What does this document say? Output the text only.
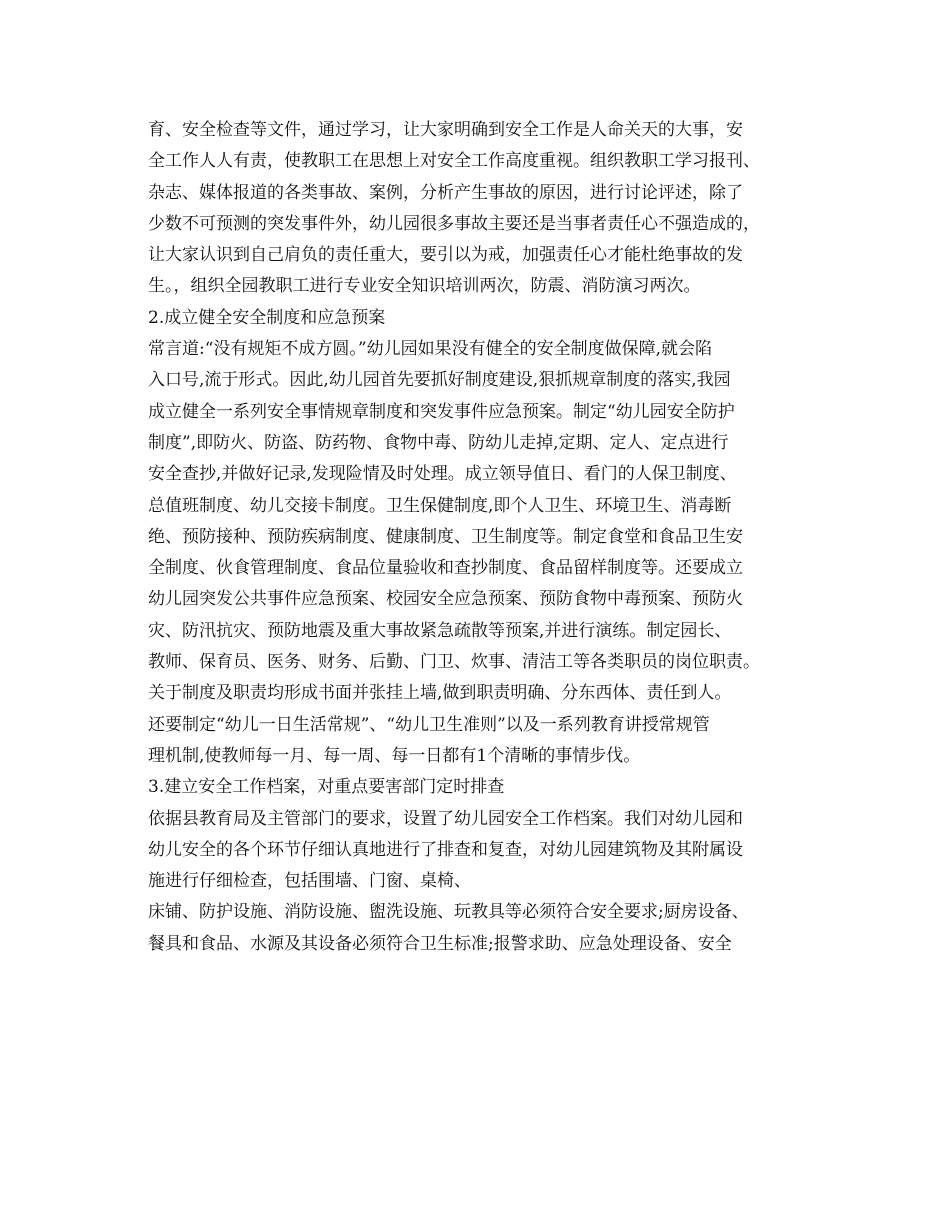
育、安全检查等文件，通过学习，让大家明确到安全工作是人命关天的大事，安
全工作人人有责，使教职工在思想上对安全工作高度重视。组织教职工学习报刊、
杂志、媒体报道的各类事故、案例，分析产生事故的原因，进行讨论评述，除了
少数不可预测的突发事件外，幼儿园很多事故主要还是当事者责任心不强造成的，
让大家认识到自己肩负的责任重大，要引以为戒，加强责任心才能杜绝事故的发
生。，组织全园教职工进行专业安全知识培训两次，防震、消防演习两次。
2.成立健全安全制度和应急预案
常言道:“没有规矩不成方圆。”幼儿园如果没有健全的安全制度做保障,就会陷
入口号,流于形式。因此,幼儿园首先要抓好制度建设,狠抓规章制度的落实,我园
成立健全一系列安全事情规章制度和突发事件应急预案。制定“幼儿园安全防护
制度”,即防火、防盗、防药物、食物中毒、防幼儿走掉,定期、定人、定点进行
安全查抄,并做好记录,发现险情及时处理。成立领导值日、看门的人保卫制度、
总值班制度、幼儿交接卡制度。卫生保健制度,即个人卫生、环境卫生、消毒断
绝、预防接种、预防疾病制度、健康制度、卫生制度等。制定食堂和食品卫生安
全制度、伙食管理制度、食品位量验收和查抄制度、食品留样制度等。还要成立
幼儿园突发公共事件应急预案、校园安全应急预案、预防食物中毒预案、预防火
灾、防汛抗灾、预防地震及重大事故紧急疏散等预案,并进行演练。制定园长、
教师、保育员、医务、财务、后勤、门卫、炊事、清洁工等各类职员的岗位职责。
关于制度及职责均形成书面并张挂上墙,做到职责明确、分东西体、责任到人。
还要制定“幼儿一日生活常规”、“幼儿卫生准则”以及一系列教育讲授常规管
理机制,使教师每一月、每一周、每一日都有1个清晰的事情步伐。
3.建立安全工作档案，对重点要害部门定时排查
依据县教育局及主管部门的要求，设置了幼儿园安全工作档案。我们对幼儿园和
幼儿安全的各个环节仔细认真地进行了排查和复查，对幼儿园建筑物及其附属设
施进行仔细检查，包括围墙、门窗、桌椅、
床铺、防护设施、消防设施、盥洗设施、玩教具等必须符合安全要求;厨房设备、
餐具和食品、水源及其设备必须符合卫生标准;报警求助、应急处理设备、安全
